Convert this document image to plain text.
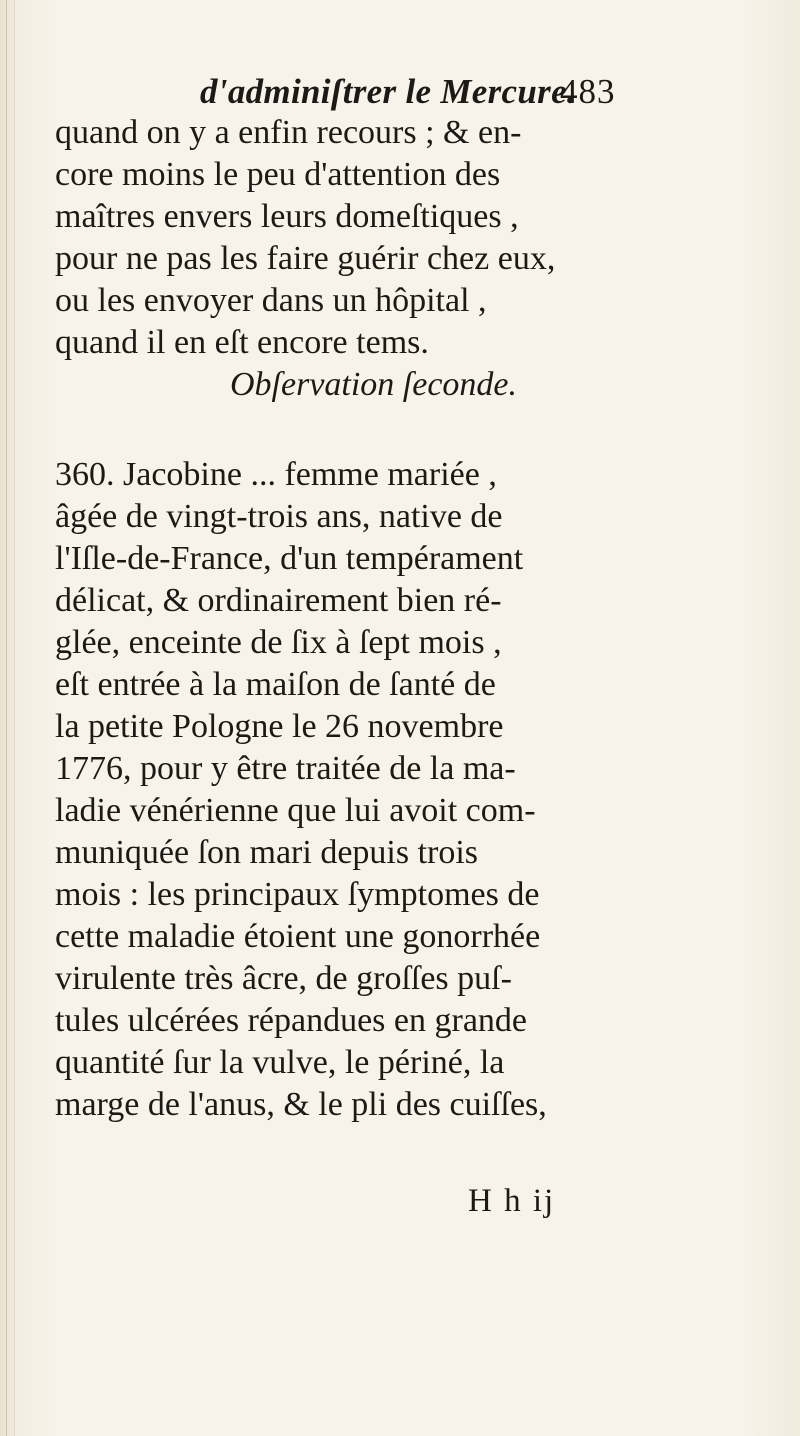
d'adminiſtrer le Mercure.
483
quand on y a enfin recours ; & en-
core moins le peu d'attention des
maîtres envers leurs domeſtiques ,
pour ne pas les faire guérir chez eux,
ou les envoyer dans un hôpital ,
quand il en eſt encore tems.
Obſervation ſeconde.
360. Jacobine ... femme mariée ,
âgée de vingt-trois ans, native de
l'Iſle-de-France, d'un tempérament
délicat, & ordinairement bien ré-
glée, enceinte de ſix à ſept mois ,
eſt entrée à la maiſon de ſanté de
la petite Pologne le 26 novembre
1776, pour y être traitée de la ma-
ladie vénérienne que lui avoit com-
muniquée ſon mari depuis trois
mois : les principaux ſymptomes de
cette maladie étoient une gonorrhée
virulente très âcre, de groſſes puſ-
tules ulcérées répandues en grande
quantité ſur la vulve, le périné, la
marge de l'anus, & le pli des cuiſſes,
H h ij
